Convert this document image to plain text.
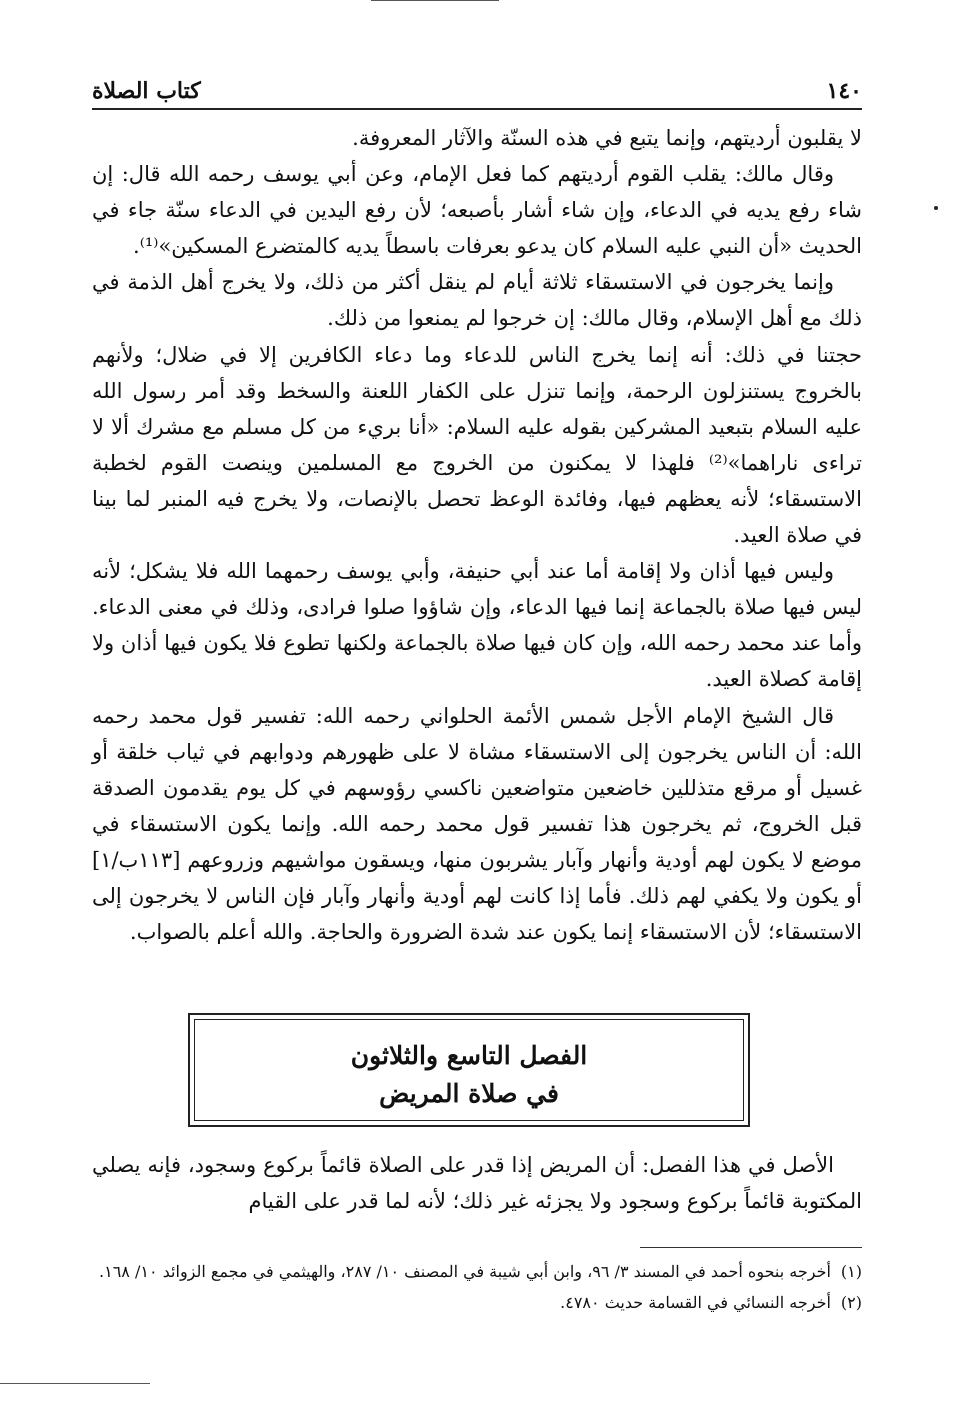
١٤٠
كتاب الصلاة

لا يقلبون أرديتهم، وإنما يتبع في هذه السنّة والآثار المعروفة.

وقال مالك: يقلب القوم أرديتهم كما فعل الإمام، وعن أبي يوسف رحمه الله قال: إن شاء رفع يديه في الدعاء، وإن شاء أشار بأصبعه؛ لأن رفع اليدين في الدعاء سنّة جاء في الحديث «أن النبي عليه السلام كان يدعو بعرفات باسطاً يديه كالمتضرع المسكين»⁽¹⁾.

وإنما يخرجون في الاستسقاء ثلاثة أيام لم ينقل أكثر من ذلك، ولا يخرج أهل الذمة في ذلك مع أهل الإسلام، وقال مالك: إن خرجوا لم يمنعوا من ذلك.

حجتنا في ذلك: أنه إنما يخرج الناس للدعاء وما دعاء الكافرين إلا في ضلال؛ ولأنهم بالخروج يستنزلون الرحمة، وإنما تنزل على الكفار اللعنة والسخط وقد أمر رسول الله عليه السلام بتبعيد المشركين بقوله عليه السلام: «أنا بريء من كل مسلم مع مشرك ألا لا تراءى ناراهما»⁽²⁾ فلهذا لا يمكنون من الخروج مع المسلمين وينصت القوم لخطبة الاستسقاء؛ لأنه يعظهم فيها، وفائدة الوعظ تحصل بالإنصات، ولا يخرج فيه المنبر لما بينا في صلاة العيد.

وليس فيها أذان ولا إقامة أما عند أبي حنيفة، وأبي يوسف رحمهما الله فلا يشكل؛ لأنه ليس فيها صلاة بالجماعة إنما فيها الدعاء، وإن شاؤوا صلوا فرادى، وذلك في معنى الدعاء. وأما عند محمد رحمه الله، وإن كان فيها صلاة بالجماعة ولكنها تطوع فلا يكون فيها أذان ولا إقامة كصلاة العيد.

قال الشيخ الإمام الأجل شمس الأئمة الحلواني رحمه الله: تفسير قول محمد رحمه الله: أن الناس يخرجون إلى الاستسقاء مشاة لا على ظهورهم ودوابهم في ثياب خلقة أو غسيل أو مرقع متذللين خاضعين متواضعين ناكسي رؤوسهم في كل يوم يقدمون الصدقة قبل الخروج، ثم يخرجون هذا تفسير قول محمد رحمه الله. وإنما يكون الاستسقاء في موضع لا يكون لهم أودية وأنهار وآبار يشربون منها، ويسقون مواشيهم وزروعهم [١١٣ب/١] أو يكون ولا يكفي لهم ذلك. فأما إذا كانت لهم أودية وأنهار وآبار فإن الناس لا يخرجون إلى الاستسقاء؛ لأن الاستسقاء إنما يكون عند شدة الضرورة والحاجة. والله أعلم بالصواب.

الفصل التاسع والثلاثون
في صلاة المريض

الأصل في هذا الفصل: أن المريض إذا قدر على الصلاة قائماً بركوع وسجود، فإنه يصلي المكتوبة قائماً بركوع وسجود ولا يجزئه غير ذلك؛ لأنه لما قدر على القيام

(١)
أخرجه بنحوه أحمد في المسند ٣/ ٩٦، وابن أبي شيبة في المصنف ١٠/ ٢٨٧، والهيثمي في مجمع الزوائد ١٠/ ١٦٨.
(٢)
أخرجه النسائي في القسامة حديث ٤٧٨٠.
